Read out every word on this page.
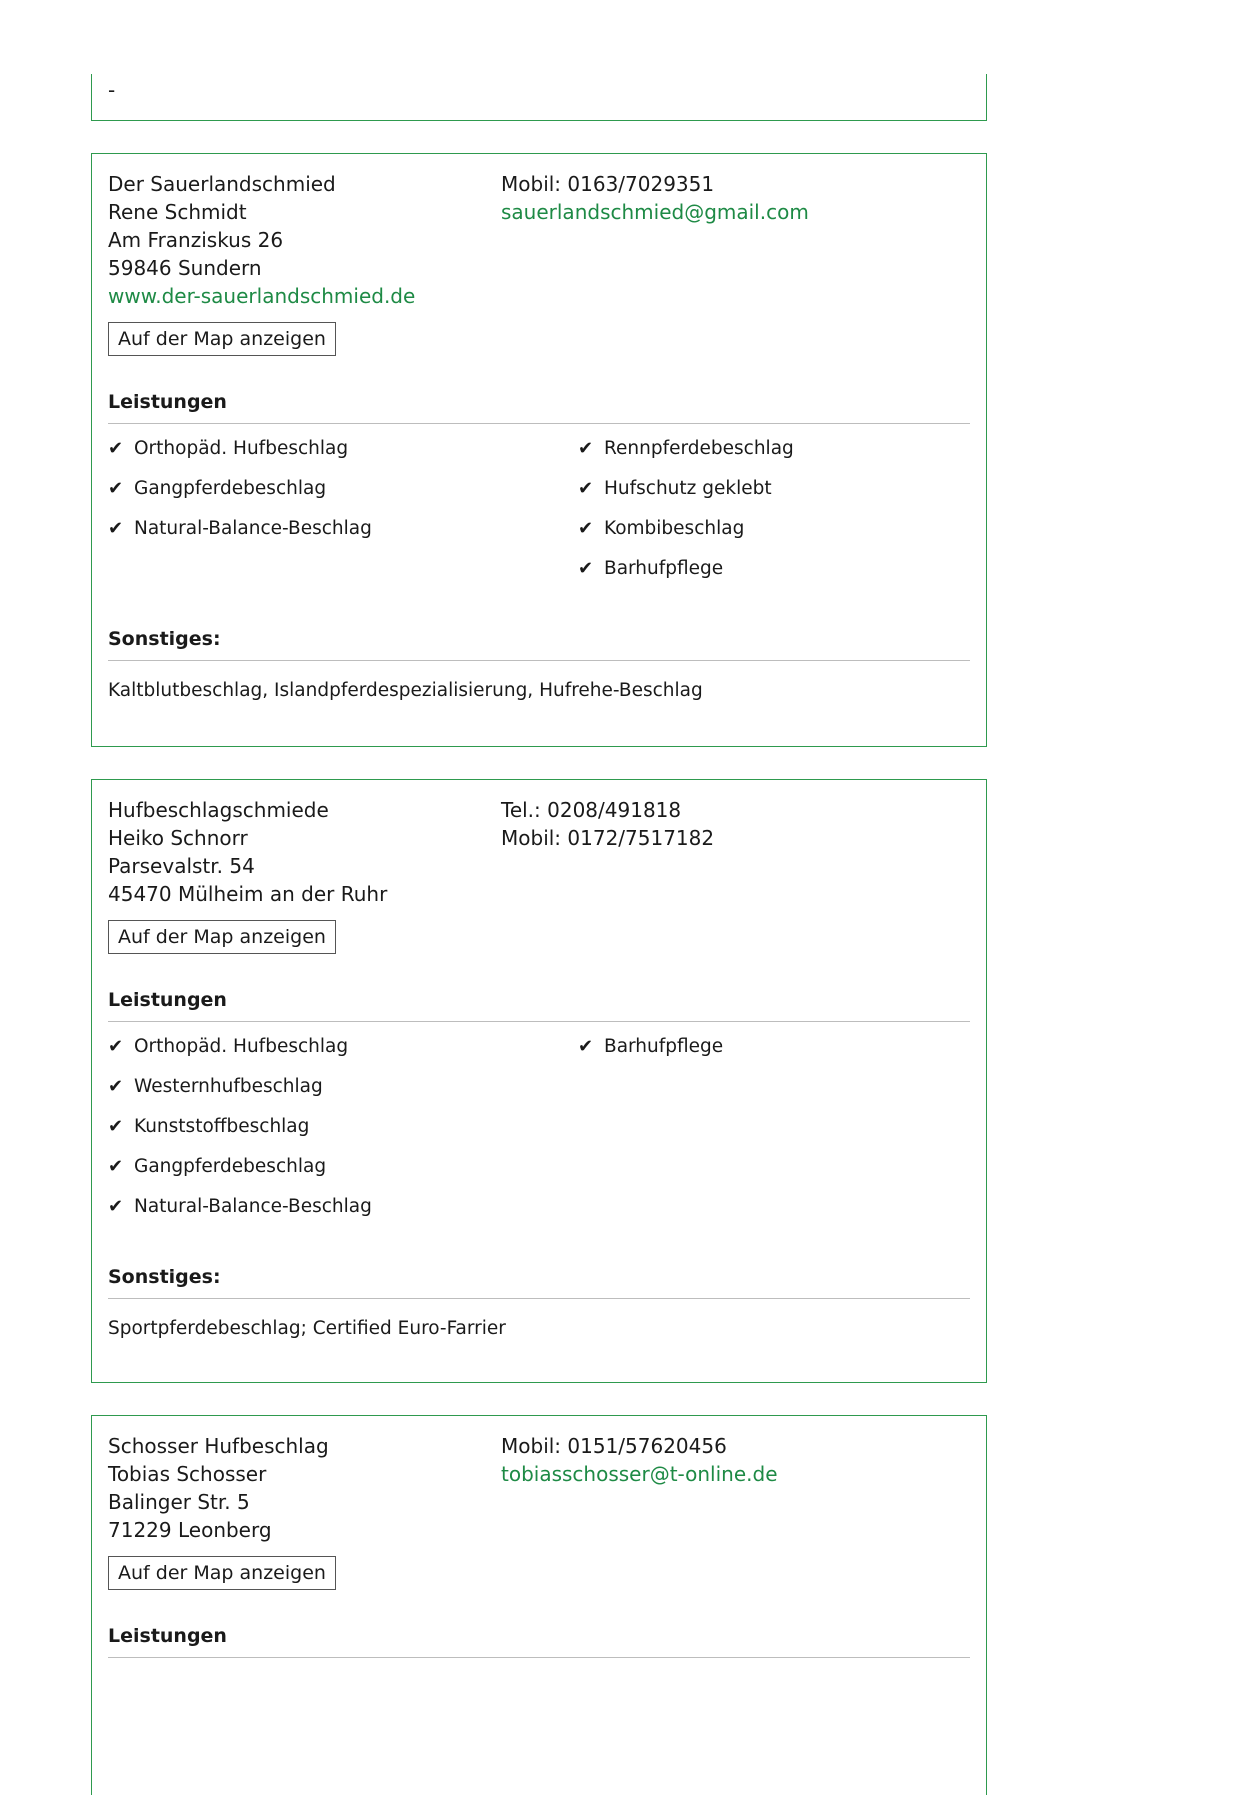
-
Der Sauerlandschmied
Rene Schmidt
Am Franziskus 26
59846 Sundern
www.der-sauerlandschmied.de
Mobil: 0163/7029351
sauerlandschmied@gmail.com
Auf der Map anzeigen
Leistungen
✔ Orthopäd. Hufbeschlag
✔ Gangpferdebeschlag
✔ Natural-Balance-Beschlag
✔ Rennpferdebeschlag
✔ Hufschutz geklebt
✔ Kombibeschlag
✔ Barhufpflege
Sonstiges:
Kaltblutbeschlag, Islandpferdespezialisierung, Hufrehe-Beschlag
Hufbeschlagschmiede
Heiko Schnorr
Parsevalstr. 54
45470 Mülheim an der Ruhr
Tel.: 0208/491818
Mobil: 0172/7517182
Auf der Map anzeigen
Leistungen
✔ Orthopäd. Hufbeschlag
✔ Westernhufbeschlag
✔ Kunststoffbeschlag
✔ Gangpferdebeschlag
✔ Natural-Balance-Beschlag
✔ Barhufpflege
Sonstiges:
Sportpferdebeschlag; Certified Euro-Farrier
Schosser Hufbeschlag
Tobias Schosser
Balinger Str. 5
71229 Leonberg
Mobil: 0151/57620456
tobiasschosser@t-online.de
Auf der Map anzeigen
Leistungen
